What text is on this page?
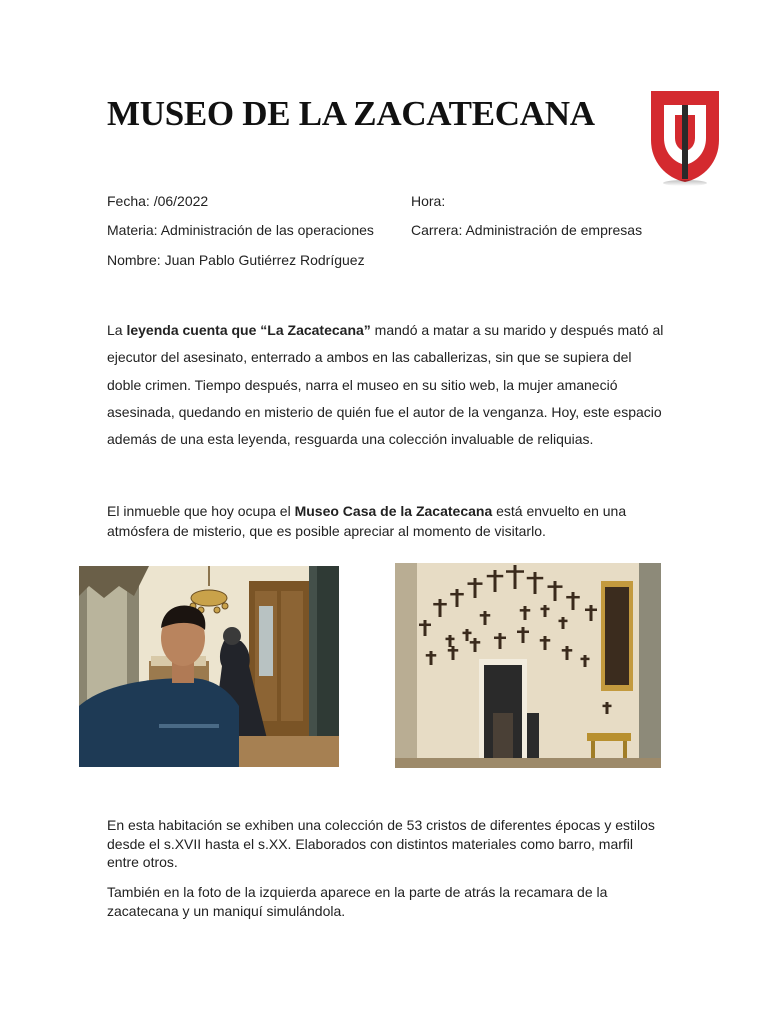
MUSEO DE LA ZACATECANA
Fecha: /06/2022	Hora:
Materia: Administración de las operaciones	Carrera: Administración de empresas
Nombre: Juan Pablo Gutiérrez Rodríguez

La leyenda cuenta que “La Zacatecana” mandó a matar a su marido y después mató al ejecutor del asesinato, enterrado a ambos en las caballerizas, sin que se supiera del doble crimen. Tiempo después, narra el museo en su sitio web, la mujer amaneció asesinada, quedando en misterio de quién fue el autor de la venganza. Hoy, este espacio además de una esta leyenda, resguarda una colección invaluable de reliquias.

El inmueble que hoy ocupa el Museo Casa de la Zacatecana está envuelto en una atmósfera de misterio, que es posible apreciar al momento de visitarlo.

En esta habitación se exhiben una colección de 53 cristos de diferentes épocas y estilos desde el s.XVII hasta el s.XX. Elaborados con distintos materiales como barro, marfil entre otros.

También en la foto de la izquierda aparece en la parte de atrás la recamara de la zacatecana y un maniquí simulándola.
